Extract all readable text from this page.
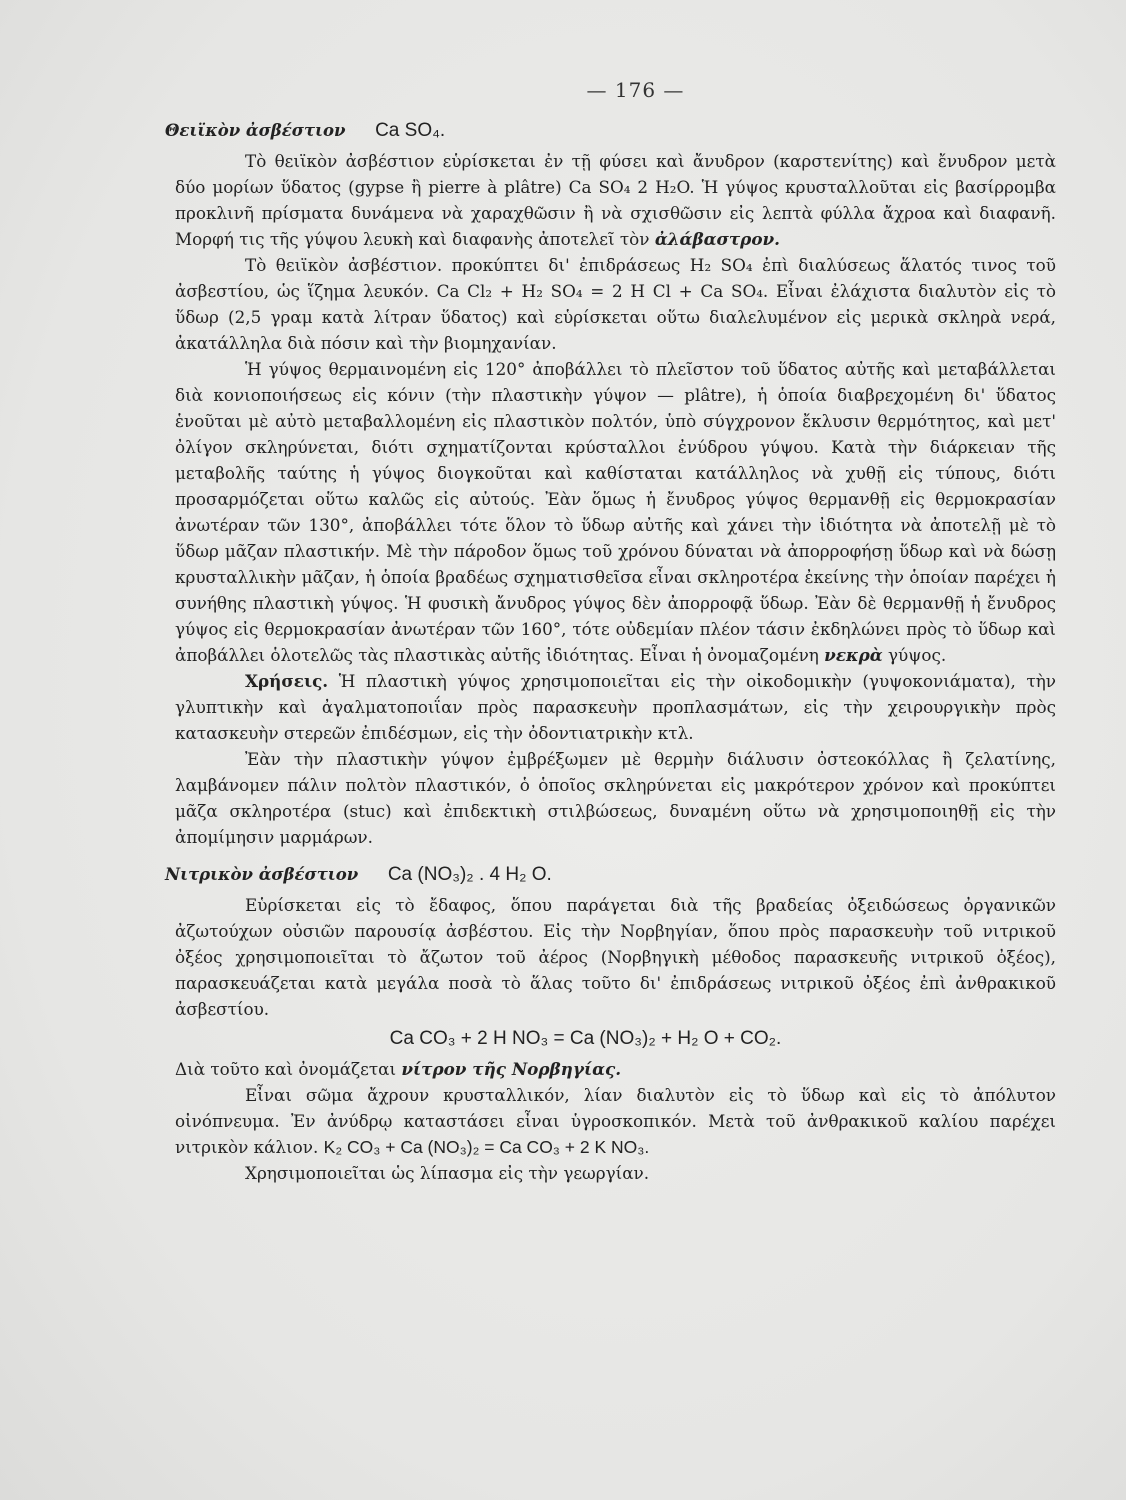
— 176 —
Θειϊκὸν ἀσβέστιον Ca SO₄.

Τὸ θειϊκὸν ἀσβέστιον εὑρίσκεται ἐν τῇ φύσει καὶ ἄνυδρον (καρστενίτης) καὶ ἔνυδρον μετὰ δύο μορίων ὕδατος (gypse ἢ pierre à plâtre) Ca SO₄ 2 H₂O. Ἡ γύψος κρυσταλλοῦται εἰς βασίρρομβα προκλινῆ πρίσματα δυνάμενα νὰ χαραχθῶσιν ἢ νὰ σχισθῶσιν εἰς λεπτὰ φύλλα ἄχροα καὶ διαφανῆ. Μορφή τις τῆς γύψου λευκὴ καὶ διαφανὴς ἀποτελεῖ τὸν ἀλάβαστρον.

Τὸ θειϊκὸν ἀσβέστιον. προκύπτει δι' ἐπιδράσεως H₂ SO₄ ἐπὶ διαλύσεως ἅλατός τινος τοῦ ἀσβεστίου, ὡς ἵζημα λευκόν. Ca Cl₂ + H₂ SO₄ = 2 H Cl + Ca SO₄. Εἶναι ἐλάχιστα διαλυτὸν εἰς τὸ ὕδωρ (2,5 γραμ κατὰ λίτραν ὕδατος) καὶ εὑρίσκεται οὕτω διαλελυμένον εἰς μερικὰ σκληρὰ νερά, ἀκατάλληλα διὰ πόσιν καὶ τὴν βιομηχανίαν.

Ἡ γύψος θερμαινομένη εἰς 120° ἀποβάλλει τὸ πλεῖστον τοῦ ὕδατος αὐτῆς καὶ μεταβάλλεται διὰ κονιοποιήσεως εἰς κόνιν (τὴν πλαστικὴν γύψον — plâtre), ἡ ὁποία διαβρεχομένη δι' ὕδατος ἑνοῦται μὲ αὐτὸ μεταβαλλομένη εἰς πλαστικὸν πολτόν, ὑπὸ σύγχρονον ἔκλυσιν θερμότητος, καὶ μετ' ὀλίγον σκληρύνεται, διότι σχηματίζονται κρύσταλλοι ἐνύδρου γύψου. Κατὰ τὴν διάρκειαν τῆς μεταβολῆς ταύτης ἡ γύψος διογκοῦται καὶ καθίσταται κατάλληλος νὰ χυθῇ εἰς τύπους, διότι προσαρμόζεται οὕτω καλῶς εἰς αὐτούς. Ἐὰν ὅμως ἡ ἔνυδρος γύψος θερμανθῇ εἰς θερμοκρασίαν ἀνωτέραν τῶν 130°, ἀποβάλλει τότε ὅλον τὸ ὕδωρ αὐτῆς καὶ χάνει τὴν ἰδιότητα νὰ ἀποτελῇ μὲ τὸ ὕδωρ μᾶζαν πλαστικήν. Μὲ τὴν πάροδον ὅμως τοῦ χρόνου δύναται νὰ ἀπορροφήσῃ ὕδωρ καὶ νὰ δώσῃ κρυσταλλικὴν μᾶζαν, ἡ ὁποία βραδέως σχηματισθεῖσα εἶναι σκληροτέρα ἐκείνης τὴν ὁποίαν παρέχει ἡ συνήθης πλαστικὴ γύψος. Ἡ φυσικὴ ἄνυδρος γύψος δὲν ἀπορροφᾷ ὕδωρ. Ἐὰν δὲ θερμανθῇ ἡ ἔνυδρος γύψος εἰς θερμοκρασίαν ἀνωτέραν τῶν 160°, τότε οὐδεμίαν πλέον τάσιν ἐκδηλώνει πρὸς τὸ ὕδωρ καὶ ἀποβάλλει ὁλοτελῶς τὰς πλαστικὰς αὐτῆς ἰδιότητας. Εἶναι ἡ ὀνομαζομένη νεκρὰ γύψος.

Χρήσεις. Ἡ πλαστικὴ γύψος χρησιμοποιεῖται εἰς τὴν οἰκοδομικὴν (γυψοκονιάματα), τὴν γλυπτικὴν καὶ ἀγαλματοποιΐαν πρὸς παρασκευὴν προπλασμάτων, εἰς τὴν χειρουργικὴν πρὸς κατασκευὴν στερεῶν ἐπιδέσμων, εἰς τὴν ὀδοντιατρικὴν κτλ.

Ἐὰν τὴν πλαστικὴν γύψον ἐμβρέξωμεν μὲ θερμὴν διάλυσιν ὀστεοκόλλας ἢ ζελατίνης, λαμβάνομεν πάλιν πολτὸν πλαστικόν, ὁ ὁποῖος σκληρύνεται εἰς μακρότερον χρόνον καὶ προκύπτει μᾶζα σκληροτέρα (stuc) καὶ ἐπιδεκτικὴ στιλβώσεως, δυναμένη οὕτω νὰ χρησιμοποιηθῇ εἰς τὴν ἀπομίμησιν μαρμάρων.

Νιτρικὸν ἀσβέστιον Ca (NO₃)₂ . 4 H₂ O.

Εὑρίσκεται εἰς τὸ ἔδαφος, ὅπου παράγεται διὰ τῆς βραδείας ὀξειδώσεως ὀργανικῶν ἀζωτούχων οὐσιῶν παρουσίᾳ ἀσβέστου. Εἰς τὴν Νορβηγίαν, ὅπου πρὸς παρασκευὴν τοῦ νιτρικοῦ ὀξέος χρησιμοποιεῖται τὸ ἄζωτον τοῦ ἀέρος (Νορβηγικὴ μέθοδος παρασκευῆς νιτρικοῦ ὀξέος), παρασκευάζεται κατὰ μεγάλα ποσὰ τὸ ἅλας τοῦτο δι' ἐπιδράσεως νιτρικοῦ ὀξέος ἐπὶ ἀνθρακικοῦ ἀσβεστίου.

Ca CO₃ + 2 H NO₃ = Ca (NO₃)₂ + H₂ O + CO₂.

Διὰ τοῦτο καὶ ὀνομάζεται νίτρον τῆς Νορβηγίας.

Εἶναι σῶμα ἄχρουν κρυσταλλικόν, λίαν διαλυτὸν εἰς τὸ ὕδωρ καὶ εἰς τὸ ἀπόλυτον οἰνόπνευμα. Ἐν ἀνύδρῳ καταστάσει εἶναι ὑγροσκοπικόν. Μετὰ τοῦ ἀνθρακικοῦ καλίου παρέχει νιτρικὸν κάλιον. K₂ CO₃ + Ca (NO₃)₂ = Ca CO₃ + 2 K NO₃.

Χρησιμοποιεῖται ὡς λίπασμα εἰς τὴν γεωργίαν.
